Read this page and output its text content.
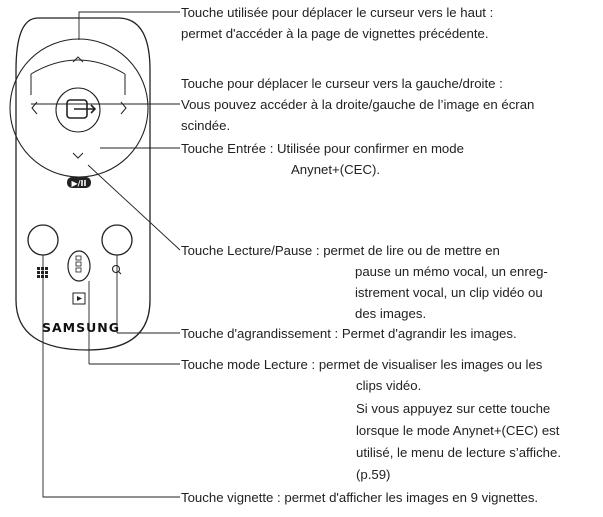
▶/II
SAMSUNG
Touche utilisée pour déplacer le curseur vers le haut :
permet d'accéder à la page de vignettes précédente.
Touche pour déplacer le curseur vers la gauche/droite :
Vous pouvez accéder à la droite/gauche de l’image en écran
scindée.
Touche Entrée : Utilisée pour confirmer en mode
Anynet+(CEC).
Touche Lecture/Pause : permet de lire ou de mettre en
pause un mémo vocal, un enreg-
istrement vocal, un clip vidéo ou
des images.
Touche d'agrandissement : Permet d'agrandir les images.
Touche mode Lecture : permet de visualiser les images ou les
clips vidéo.
Si vous appuyez sur cette touche
lorsque le mode Anynet+(CEC) est
utilisé, le menu de lecture s’affiche.
(p.59)
Touche vignette : permet d'afficher les images en 9 vignettes.
